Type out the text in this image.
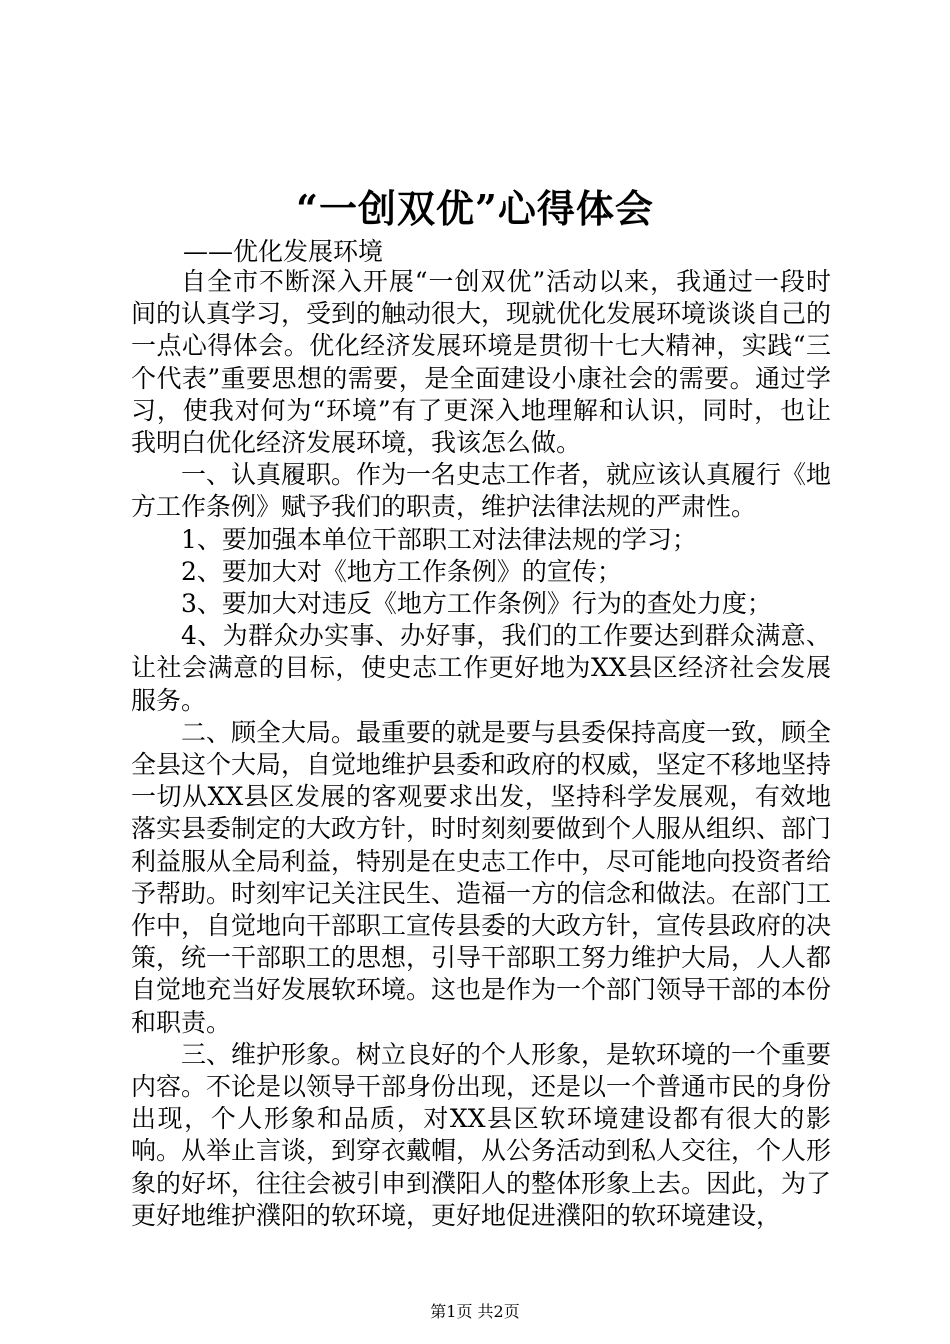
“一创双优”心得体会
——优化发展环境

自全市不断深入开展“一创双优”活动以来，我通过一段时间的认真学习，受到的触动很大，现就优化发展环境谈谈自己的一点心得体会。优化经济发展环境是贯彻十七大精神，实践“三个代表”重要思想的需要，是全面建设小康社会的需要。通过学习，使我对何为“环境”有了更深入地理解和认识，同时，也让我明白优化经济发展环境，我该怎么做。

一、认真履职。作为一名史志工作者，就应该认真履行《地方工作条例》赋予我们的职责，维护法律法规的严肃性。

1、要加强本单位干部职工对法律法规的学习；

2、要加大对《地方工作条例》的宣传；

3、要加大对违反《地方工作条例》行为的查处力度；

4、为群众办实事、办好事，我们的工作要达到群众满意、让社会满意的目标，使史志工作更好地为XX县区经济社会发展服务。

二、顾全大局。最重要的就是要与县委保持高度一致，顾全全县这个大局，自觉地维护县委和政府的权威，坚定不移地坚持一切从XX县区发展的客观要求出发，坚持科学发展观，有效地落实县委制定的大政方针，时时刻刻要做到个人服从组织、部门利益服从全局利益，特别是在史志工作中，尽可能地向投资者给予帮助。时刻牢记关注民生、造福一方的信念和做法。在部门工作中，自觉地向干部职工宣传县委的大政方针，宣传县政府的决策，统一干部职工的思想，引导干部职工努力维护大局，人人都自觉地充当好发展软环境。这也是作为一个部门领导干部的本份和职责。

三、维护形象。树立良好的个人形象，是软环境的一个重要内容。不论是以领导干部身份出现，还是以一个普通市民的身份出现，个人形象和品质，对XX县区软环境建设都有很大的影响。从举止言谈，到穿衣戴帽，从公务活动到私人交往，个人形象的好坏，往往会被引申到濮阳人的整体形象上去。因此，为了更好地维护濮阳的软环境，更好地促进濮阳的软环境建设，

第1页 共2页
